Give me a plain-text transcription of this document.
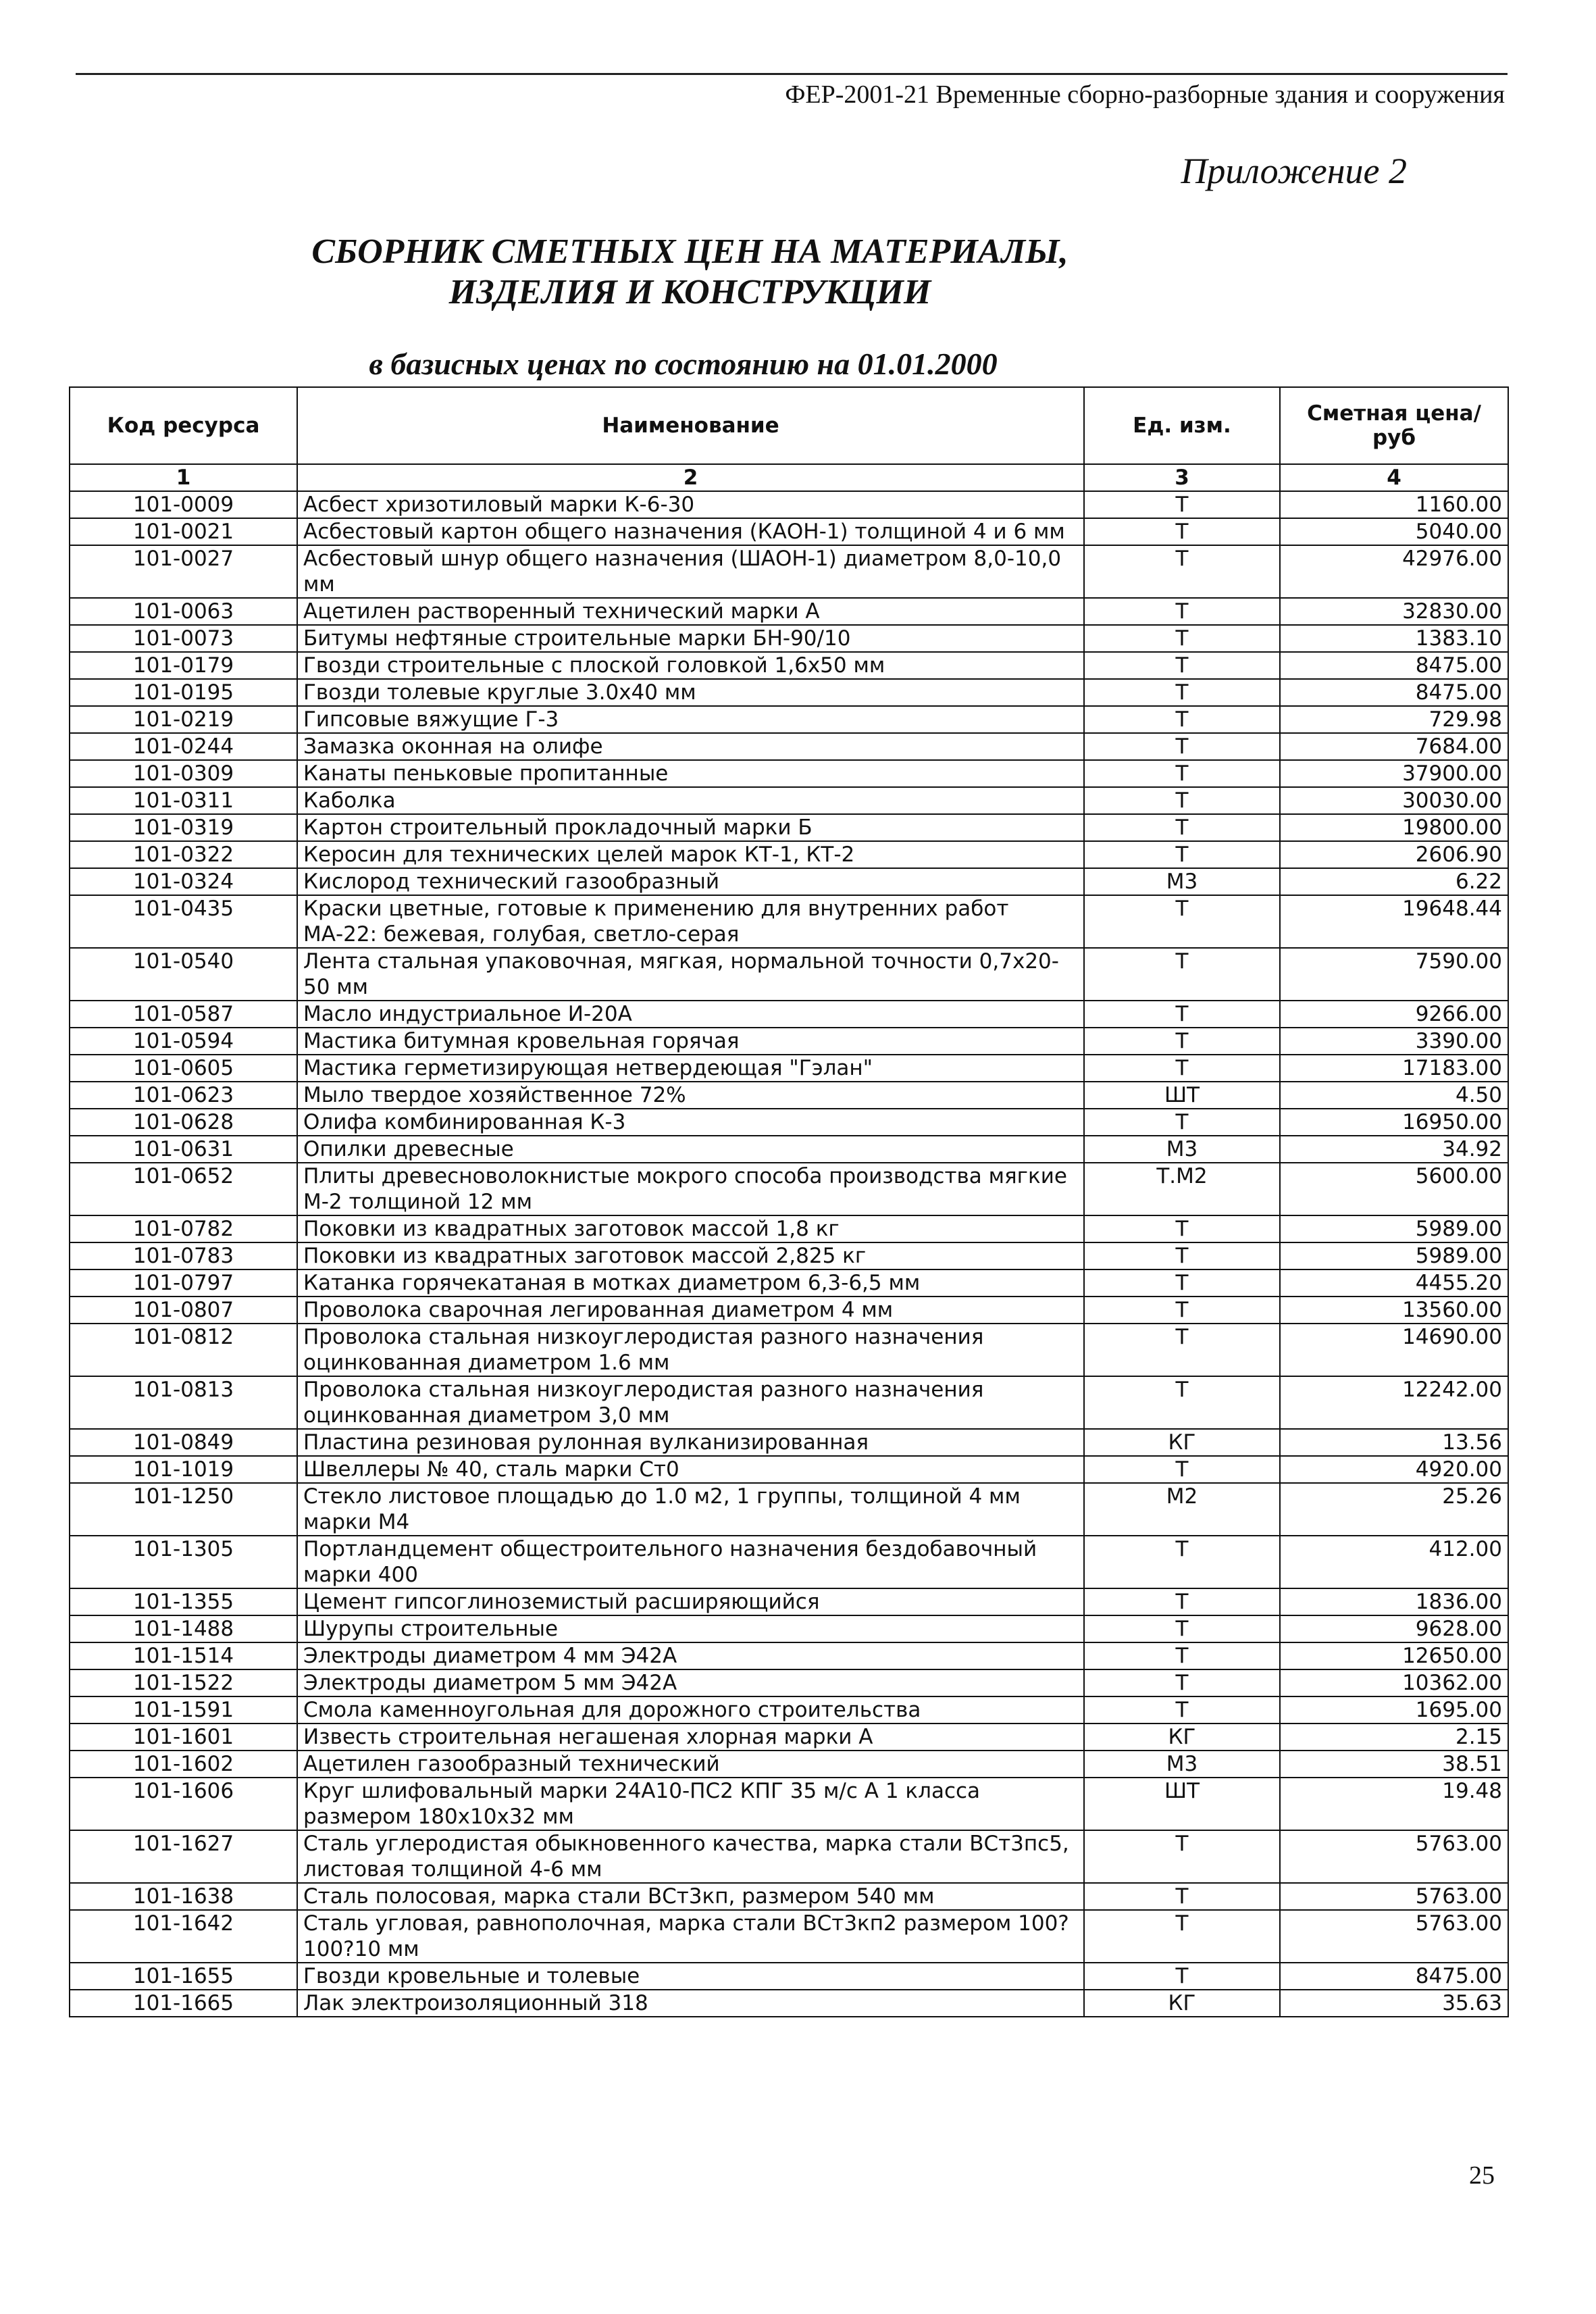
ФЕР-2001-21 Временные сборно-разборные здания и сооружения
Приложение 2
СБОРНИК СМЕТНЫХ ЦЕН НА МАТЕРИАЛЫ,
ИЗДЕЛИЯ И КОНСТРУКЦИИ
в базисных ценах по состоянию на 01.01.2000
Код ресурса	Наименование	Ед. изм.	Сметная цена/руб
1	2	3	4
101-0009	Асбест хризотиловый марки К-6-30	Т	1160.00
101-0021	Асбестовый картон общего назначения (КАОН-1) толщиной 4 и 6 мм	Т	5040.00
101-0027	Асбестовый шнур общего назначения (ШАОН-1) диаметром 8,0-10,0 мм	Т	42976.00
101-0063	Ацетилен растворенный технический марки А	Т	32830.00
101-0073	Битумы нефтяные строительные марки БН-90/10	Т	1383.10
101-0179	Гвозди строительные с плоской головкой 1,6х50 мм	Т	8475.00
101-0195	Гвозди толевые круглые 3.0х40 мм	Т	8475.00
101-0219	Гипсовые вяжущие Г-3	Т	729.98
101-0244	Замазка оконная на олифе	Т	7684.00
101-0309	Канаты пеньковые пропитанные	Т	37900.00
101-0311	Каболка	Т	30030.00
101-0319	Картон строительный прокладочный марки Б	Т	19800.00
101-0322	Керосин для технических целей марок КТ-1, КТ-2	Т	2606.90
101-0324	Кислород технический газообразный	М3	6.22
101-0435	Краски цветные, готовые к применению для внутренних работ МА-22: бежевая, голубая, светло-серая	Т	19648.44
101-0540	Лента стальная упаковочная, мягкая, нормальной точности 0,7х20-50 мм	Т	7590.00
101-0587	Масло индустриальное И-20А	Т	9266.00
101-0594	Мастика битумная кровельная горячая	Т	3390.00
101-0605	Мастика герметизирующая нетвердеющая "Гэлан"	Т	17183.00
101-0623	Мыло твердое хозяйственное 72%	ШТ	4.50
101-0628	Олифа комбинированная К-3	Т	16950.00
101-0631	Опилки древесные	М3	34.92
101-0652	Плиты древесноволокнистые мокрого способа производства мягкие М-2 толщиной 12 мм	Т.М2	5600.00
101-0782	Поковки из квадратных заготовок массой 1,8 кг	Т	5989.00
101-0783	Поковки из квадратных заготовок массой 2,825 кг	Т	5989.00
101-0797	Катанка горячекатаная в мотках диаметром 6,3-6,5 мм	Т	4455.20
101-0807	Проволока сварочная легированная диаметром 4 мм	Т	13560.00
101-0812	Проволока стальная низкоуглеродистая разного назначения оцинкованная диаметром 1.6 мм	Т	14690.00
101-0813	Проволока стальная низкоуглеродистая разного назначения оцинкованная диаметром 3,0 мм	Т	12242.00
101-0849	Пластина резиновая рулонная вулканизированная	КГ	13.56
101-1019	Швеллеры № 40, сталь марки Ст0	Т	4920.00
101-1250	Стекло листовое площадью до 1.0 м2, 1 группы, толщиной 4 мм марки М4	М2	25.26
101-1305	Портландцемент общестроительного назначения бездобавочный марки 400	Т	412.00
101-1355	Цемент гипсоглиноземистый расширяющийся	Т	1836.00
101-1488	Шурупы строительные	Т	9628.00
101-1514	Электроды диаметром 4 мм Э42А	Т	12650.00
101-1522	Электроды диаметром 5 мм Э42А	Т	10362.00
101-1591	Смола каменноугольная для дорожного строительства	Т	1695.00
101-1601	Известь строительная негашеная хлорная марки А	КГ	2.15
101-1602	Ацетилен газообразный технический	М3	38.51
101-1606	Круг шлифовальный марки 24А10-ПС2 КПГ 35 м/с А 1 класса размером 180х10х32 мм	ШТ	19.48
101-1627	Сталь углеродистая обыкновенного качества, марка стали ВСт3пс5, листовая толщиной 4-6 мм	Т	5763.00
101-1638	Сталь полосовая, марка стали ВСт3кп, размером 540 мм	Т	5763.00
101-1642	Сталь угловая, равнополочная, марка стали ВСт3кп2 размером 100?100?10 мм	Т	5763.00
101-1655	Гвозди кровельные и толевые	Т	8475.00
101-1665	Лак электроизоляционный 318	КГ	35.63
25
